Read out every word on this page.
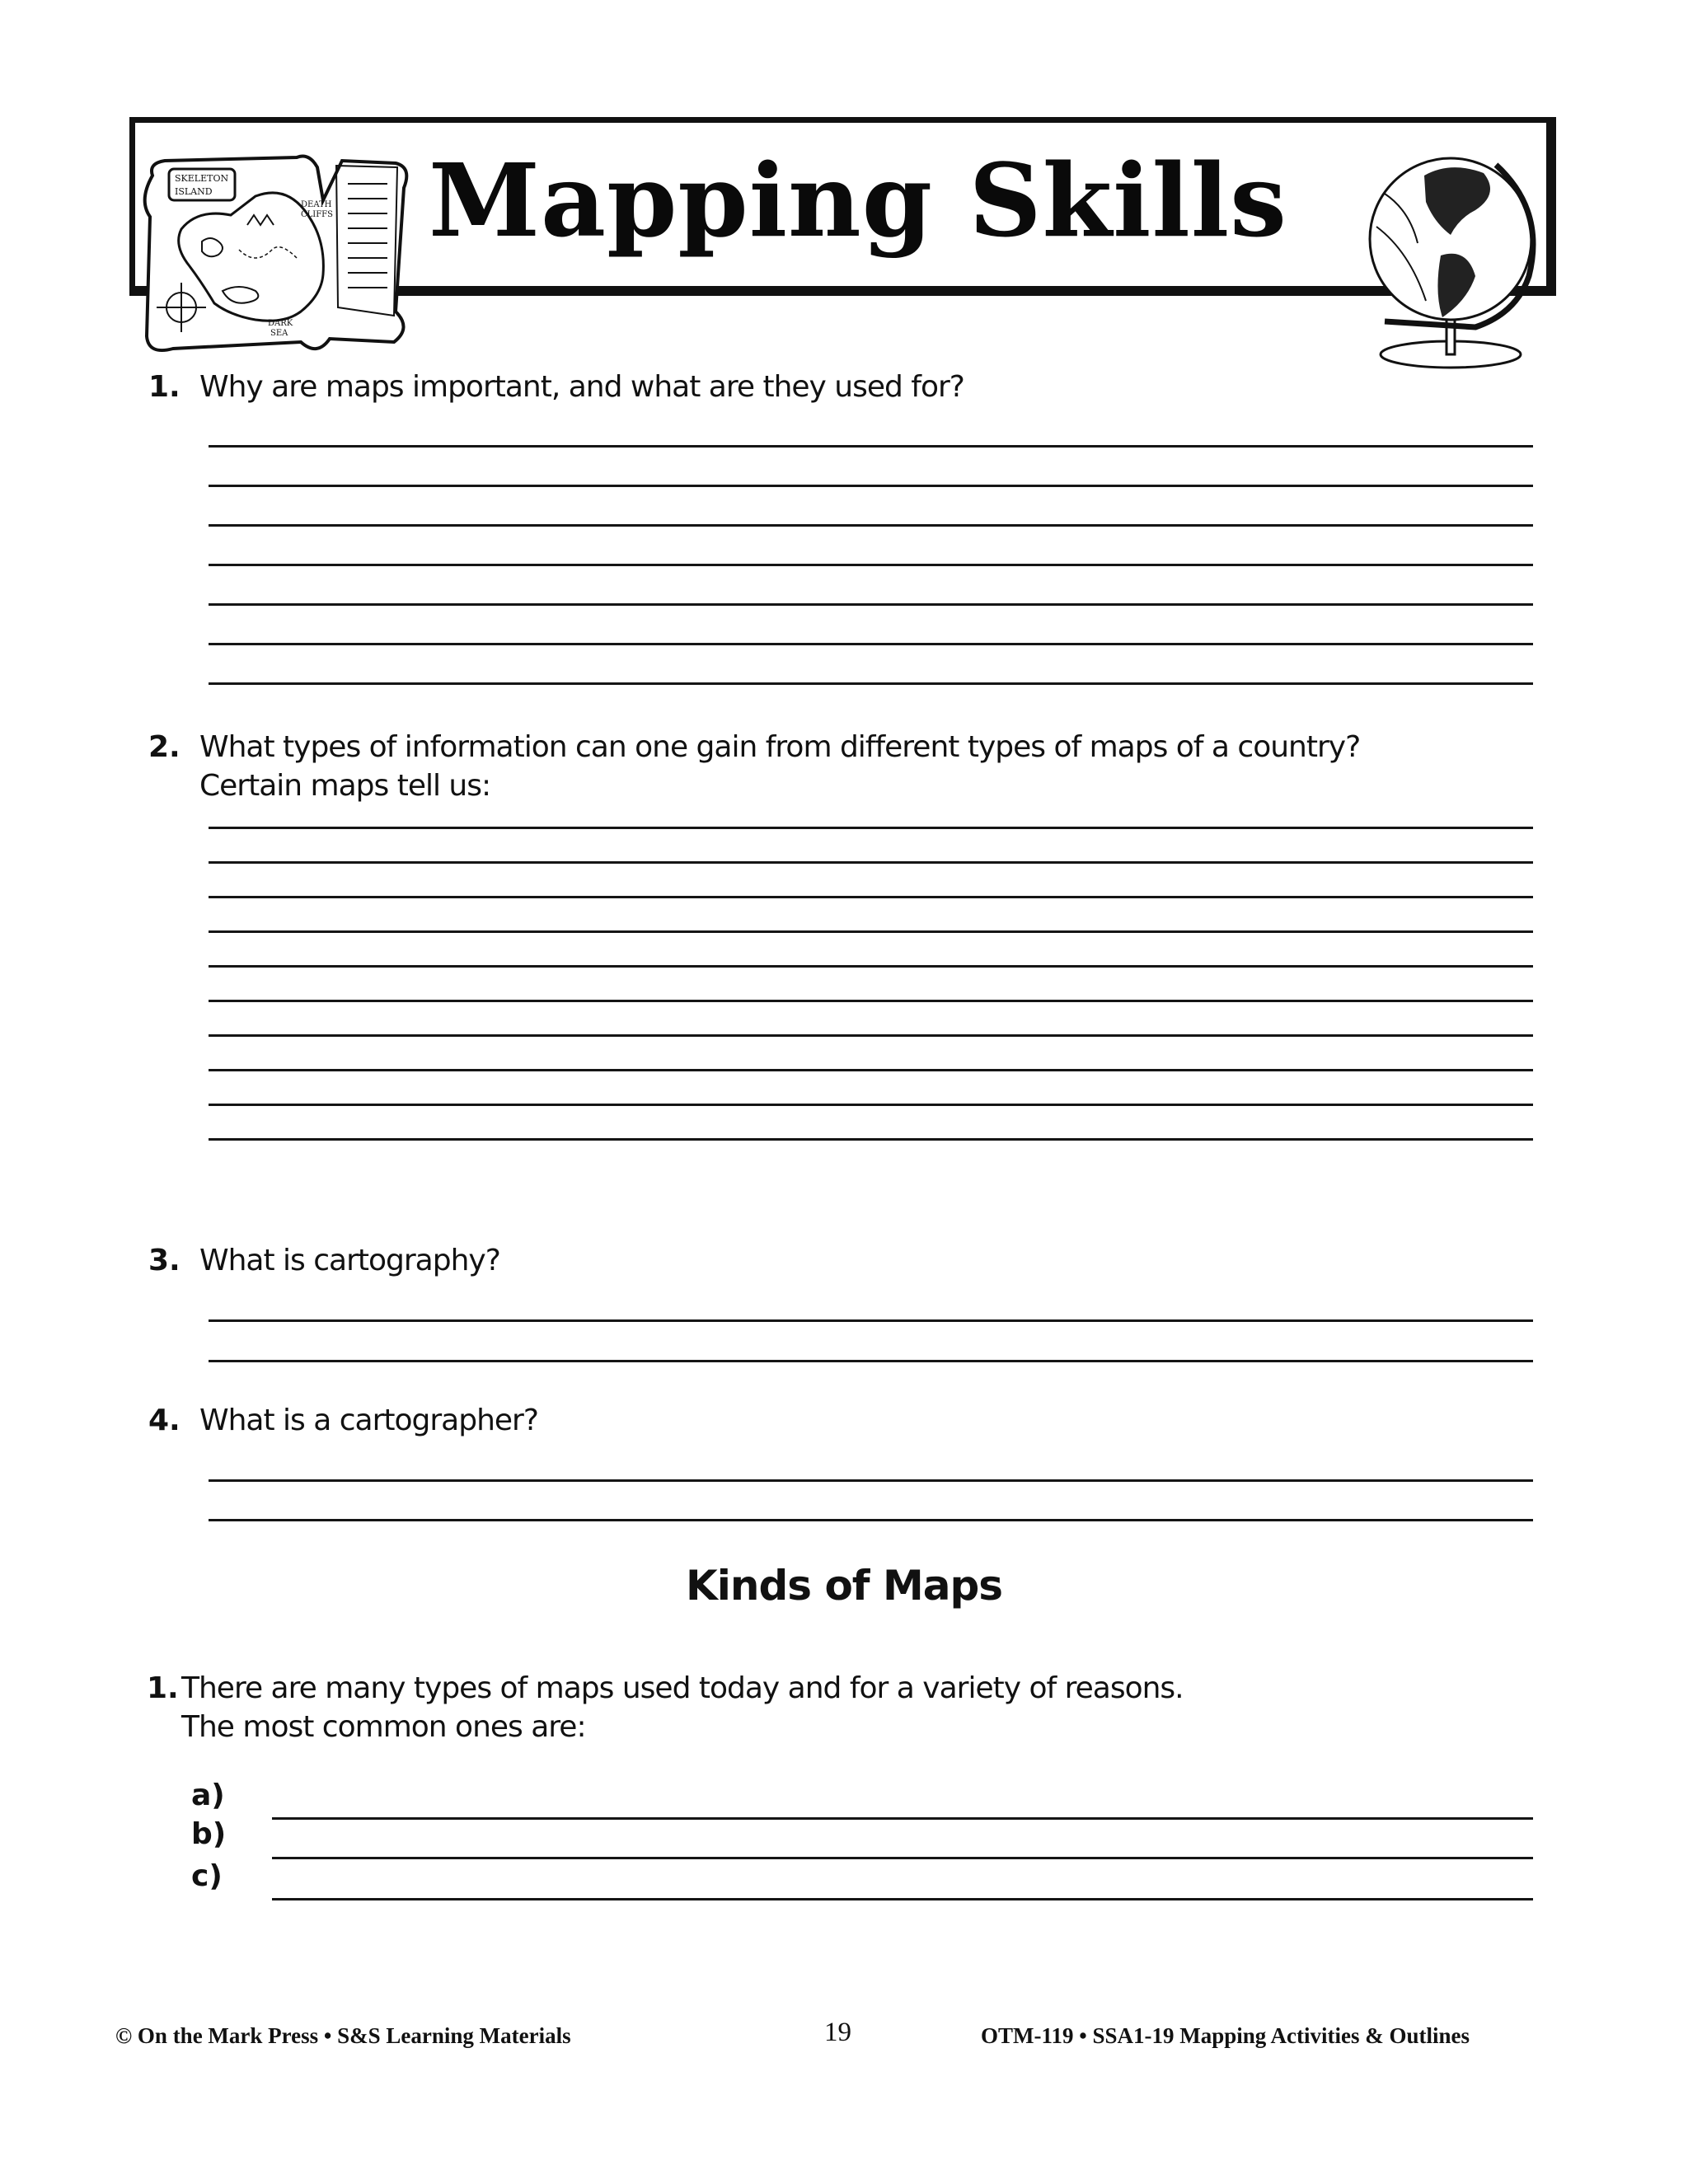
SKELETON
ISLAND
DEATH
CLIFFS
DARK
SEA
Mapping Skills
1. Why are maps important, and what are they used for?
2. What types of information can one gain from different types of maps of a country?
Certain maps tell us:
3. What is cartography?
4. What is a cartographer?
Kinds of Maps
1. There are many types of maps used today and for a variety of reasons.
The most common ones are:
a)
b)
c)
© On the Mark Press • S&S Learning Materials	19	OTM-119 • SSA1-19 Mapping Activities & Outlines
